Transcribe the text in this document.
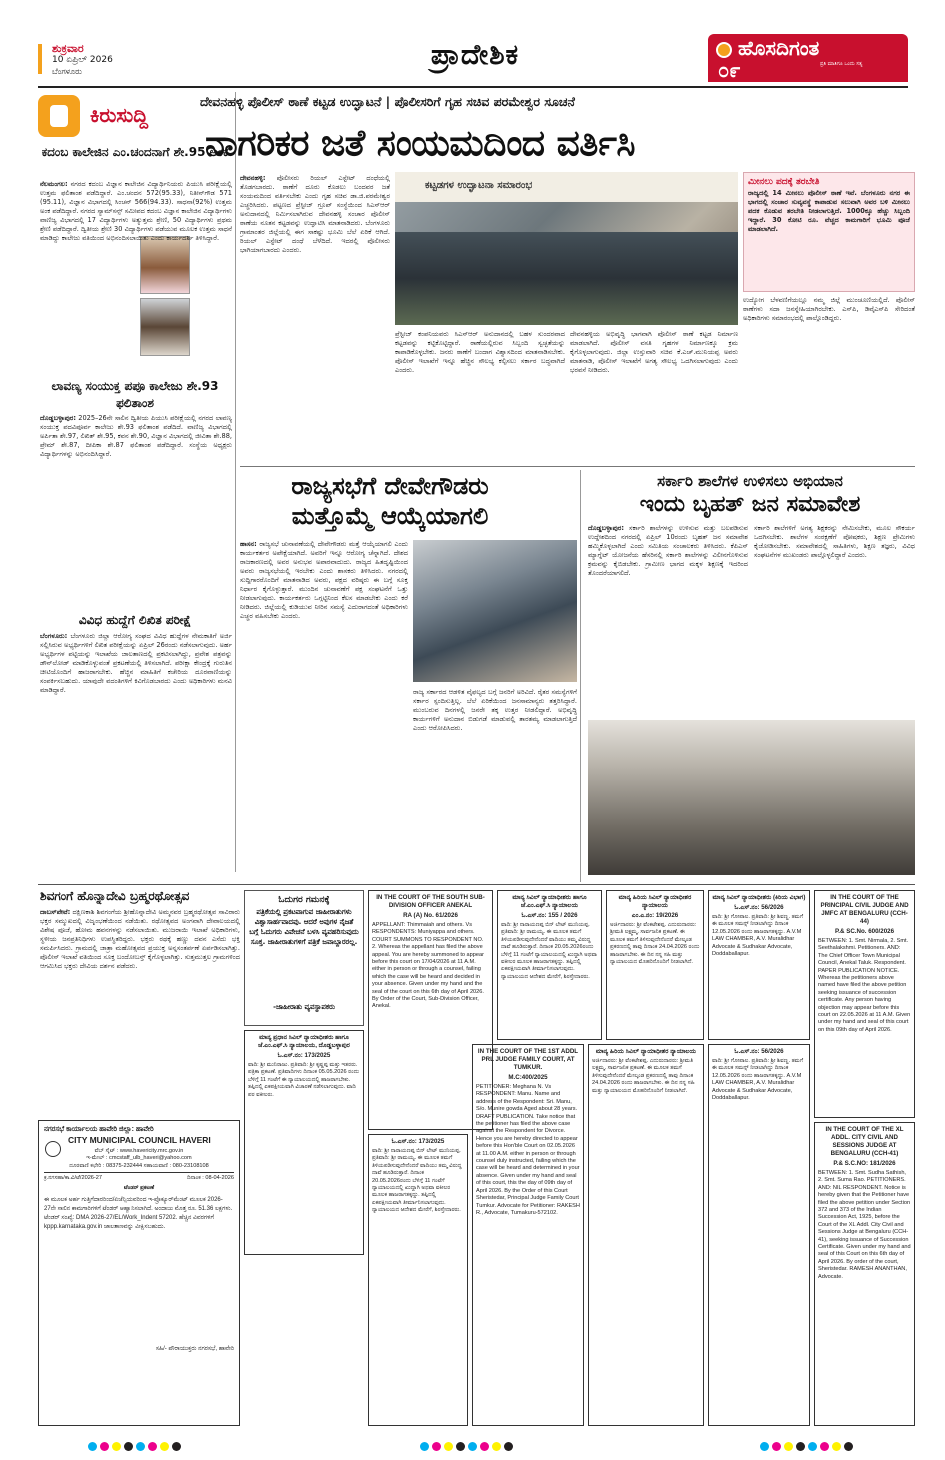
ಶುಕ್ರವಾರ
10 ಏಪ್ರಿಲ್ 2026
ಬೆಂಗಳೂರು
ಪ್ರಾದೇಶಿಕ	ಹೊಸದಿಗಂತ
ಪ್ರತಿ ಮಾತಿಗೂ ಒಂದು ಸತ್ಯ
೦೯
ಕಿರುಸುದ್ದಿ
ಕದಂಬ ಕಾಲೇಜಿನ ಎಂ.ಚಂದನಾಗೆ ಶೇ.95 ಅಂಕ
ನೆಲಮಂಗಲ: ನಗರದ ಕದಂಬ ವಿಜ್ಞಾನ ಕಾಲೇಜಿನ ವಿದ್ಯಾರ್ಥಿನಿಯರು ಪಿಯುಸಿ ಪರೀಕ್ಷೆಯಲ್ಲಿ ಉತ್ತಮ ಫಲಿತಾಂಶ ಪಡೆದಿದ್ದಾರೆ. ಎಂ.ಚಂದನ 572(95.33), ನಿತೀನ್‌ಗೌಡ 571 (95.11), ವಿಜ್ಞಾನ ವಿಭಾಗದಲ್ಲಿ ಸಿಂಚನ್ 566(94.33). ಸಾಧನಾ(92%) ಉತ್ತಮ ಅಂಕ ಪಡೆದಿದ್ದಾರೆ. ನಗರದ ಸ್ಯಾಮ್‌ಸನ್ಸ್ ಸಮೀಪದ ಕದಂಬ ವಿಜ್ಞಾನ ಕಾಲೇಜಿನ ವಿದ್ಯಾರ್ಥಿಗಳು ವಾಣಿಜ್ಯ ವಿಭಾಗದಲ್ಲಿ 17 ವಿದ್ಯಾರ್ಥಿಗಳು ಅತ್ಯುತ್ತಮ ಶ್ರೇಣಿ, 50 ವಿದ್ಯಾರ್ಥಿಗಳು ಪ್ರಥಮ ಶ್ರೇಣಿ ಪಡೆದಿದ್ದಾರೆ. ದ್ವಿತೀಯ ಶ್ರೇಣಿ 30 ವಿದ್ಯಾರ್ಥಿಗಳು ಪಡೆಯುವ ಮೂಲಕ ಉತ್ತಮ ಸಾಧನೆ ಮಾಡಿದ್ದು ಕಾಲೇಜು ವತಿಯಿಂದ ಅಭಿನಂದಿಸಲಾಯಿತು ಎಂದು ಕಾರ್ಯದರ್ಶಿ ತಿಳಿಸಿದ್ದಾರೆ.
ಲಾವಣ್ಯ ಸಂಯುಕ್ತ ಪಪೂ ಕಾಲೇಜು ಶೇ.93 ಫಲಿತಾಂಶ
ದೊಡ್ಡಬಳ್ಳಾಪುರ: 2025–26ನೇ ಸಾಲಿನ ದ್ವಿತೀಯ ಪಿಯುಸಿ ಪರೀಕ್ಷೆಯಲ್ಲಿ ನಗರದ ಲಾವಣ್ಯ ಸಂಯುಕ್ತ ಪದವಿಪೂರ್ವ ಕಾಲೇಜು ಶೇ.93 ಫಲಿತಾಂಶ ಪಡೆದಿದೆ. ವಾಣಿಜ್ಯ ವಿಭಾಗದಲ್ಲಿ ಅರ್ಪಿತಾ ಶೇ.97, ಲಿಖಿತ್ ಶೇ.95, ಕವನ ಶೇ.90, ವಿಜ್ಞಾನ ವಿಭಾಗದಲ್ಲಿ ಜೀವಿತಾ ಶೇ.88, ಪ್ರೇಮ್ ಶೇ.87, ದೀಪಿಕಾ ಶೇ.87 ಫಲಿತಾಂಶ ಪಡೆದಿದ್ದಾರೆ. ಸಂಸ್ಥೆಯ ಅಧ್ಯಕ್ಷರು ವಿದ್ಯಾರ್ಥಿಗಳನ್ನು ಅಭಿನಂದಿಸಿದ್ದಾರೆ.
ವಿವಿಧ ಹುದ್ದೆಗೆ ಲಿಖಿತ ಪರೀಕ್ಷೆ
ಬೆಂಗಳೂರು: ಬೆಂಗಳೂರು ಜಿಲ್ಲಾ ಆರೋಗ್ಯ ಸಂಘದ ವಿವಿಧ ಹುದ್ದೆಗಳ ನೇಮಕಾತಿಗೆ ಅರ್ಜಿ ಸಲ್ಲಿಸಿರುವ ಅಭ್ಯರ್ಥಿಗಳಿಗೆ ಲಿಖಿತ ಪರೀಕ್ಷೆಯನ್ನು ಏಪ್ರಿಲ್ 26ರಂದು ನಡೆಸಲಾಗುವುದು. ಅರ್ಹ ಅಭ್ಯರ್ಥಿಗಳ ಪಟ್ಟಿಯನ್ನು ಇಲಾಖೆಯ ಜಾಲತಾಣದಲ್ಲಿ ಪ್ರಕಟಿಸಲಾಗಿದ್ದು, ಪ್ರವೇಶ ಪತ್ರವನ್ನು ಡೌನ್‌ಲೋಡ್ ಮಾಡಿಕೊಳ್ಳುವಂತೆ ಪ್ರಕಟಣೆಯಲ್ಲಿ ತಿಳಿಸಲಾಗಿದೆ. ಪರೀಕ್ಷಾ ಕೇಂದ್ರಕ್ಕೆ ಗುರುತಿನ ಚೀಟಿಯೊಂದಿಗೆ ಹಾಜರಾಗಬೇಕು. ಹೆಚ್ಚಿನ ಮಾಹಿತಿಗೆ ಕಚೇರಿಯ ದೂರವಾಣಿಯನ್ನು ಸಂಪರ್ಕಿಸಬಹುದು. ಯಾವುದೇ ವದಂತಿಗಳಿಗೆ ಕಿವಿಗೊಡಬಾರದು ಎಂದು ಅಧಿಕಾರಿಗಳು ಮನವಿ ಮಾಡಿದ್ದಾರೆ.
ದೇವನಹಳ್ಳಿ ಪೊಲೀಸ್ ಠಾಣೆ ಕಟ್ಟಡ ಉದ್ಘಾಟನೆ | ಪೊಲೀಸರಿಗೆ ಗೃಹ ಸಚಿವ ಪರಮೇಶ್ವರ ಸೂಚನೆ
ನಾಗರಿಕರ ಜತೆ ಸಂಯಮದಿಂದ ವರ್ತಿಸಿ
ಕಟ್ಟಡಗಳ ಉದ್ಘಾಟನಾ ಸಮಾರಂಭ
ದೇವನಹಳ್ಳಿ: ಪೊಲೀಸರು ರಿಯಲ್ ಎಸ್ಟೇಟ್ ದಂಧೆಯಲ್ಲಿ ತೊಡಗಬಾರದು. ಠಾಣೆಗೆ ದೂರು ಕೊಡಲು ಬಂದವರ ಜತೆ ಸಂಯಮದಿಂದ ವರ್ತಿಸಬೇಕು ಎಂದು ಗೃಹ ಸಚಿವ ಡಾ.ಜಿ.ಪರಮೇಶ್ವರ ಎಚ್ಚರಿಸಿದರು. ಪಟ್ಟಣದ ಪ್ರೆಸ್ಟೀಜ್ ಗ್ರೂಪ್ ಸಂಸ್ಥೆಯಿಂದ ಸಿಎಸ್‌ಆರ್ ಅನುದಾನದಲ್ಲಿ ನಿರ್ಮಿಸಲಾಗಿರುವ ದೇವನಹಳ್ಳಿ ಸಂಚಾರ ಪೊಲೀಸ್ ಠಾಣೆಯ ನೂತನ ಕಟ್ಟಡವನ್ನು ಉದ್ಘಾಟಿಸಿ ಮಾತನಾಡಿದರು. ಬೆಂಗಳೂರು ಗ್ರಾಮಾಂತರ ಜಿಲ್ಲೆಯಲ್ಲಿ ಈಗ ಸಾಕಷ್ಟು ಭೂಮಿ ಬೆಲೆ ಏರಿಕೆ ಆಗಿದೆ. ರಿಯಲ್ ಎಸ್ಟೇಟ್ ದಂಧೆ ಬೆಳೆದಿದೆ. ಇದರಲ್ಲಿ ಪೊಲೀಸರು ಭಾಗಿಯಾಗಬಾರದು ಎಂದರು.
ಪ್ರೆಸ್ಟೀಜ್ ಕಂಪನಿಯವರು ಸಿಎಸ್‌ಆರ್ ಅನುದಾನದಲ್ಲಿ ಬಹಳ ಸುಂದರವಾದ ಕಟ್ಟಡವನ್ನು ಕಟ್ಟಿಕೊಟ್ಟಿದ್ದಾರೆ. ಠಾಣೆಯಲ್ಲಿರುವ ಸಿಬ್ಬಂದಿ ಸ್ವಚ್ಛತೆಯನ್ನು ಕಾಪಾಡಿಕೊಳ್ಳಬೇಕು. ಜನರು ಠಾಣೆಗೆ ಬಂದಾಗ ವಿಶ್ವಾಸದಿಂದ ಮಾತನಾಡಿಸಬೇಕು. ಪೊಲೀಸ್ ಇಲಾಖೆಗೆ ಇನ್ನೂ ಹೆಚ್ಚಿನ ಸೌಲಭ್ಯ ಕಲ್ಪಿಸಲು ಸರ್ಕಾರ ಬದ್ಧವಾಗಿದೆ ಎಂದರು.
ದೇವನಹಳ್ಳಿಯ ಅಭಿವೃದ್ಧಿ ಭಾಗವಾಗಿ ಪೊಲೀಸ್ ಠಾಣೆ ಕಟ್ಟಡ ನಿರ್ಮಾಣ ಮಾಡಲಾಗಿದೆ. ಪೊಲೀಸ್ ವಸತಿ ಗೃಹಗಳ ನಿರ್ಮಾಣಕ್ಕೂ ಕ್ರಮ ಕೈಗೊಳ್ಳಲಾಗುವುದು. ಜಿಲ್ಲಾ ಉಸ್ತುವಾರಿ ಸಚಿವ ಕೆ.ಎಚ್.ಮುನಿಯಪ್ಪ ಅವರು ಮಾತನಾಡಿ, ಪೊಲೀಸ್ ಇಲಾಖೆಗೆ ಅಗತ್ಯ ಸೌಲಭ್ಯ ಒದಗಿಸಲಾಗುವುದು ಎಂದು ಭರವಸೆ ನೀಡಿದರು.
ಮೀನಲು ಪದಕ್ಕೆ ತರಬೇತಿ
ರಾಜ್ಯದಲ್ಲಿ 14 ಮೀನಲು ಪೊಲೀಸ್ ಠಾಣೆ ಇವೆ. ಬೆಂಗಳೂರು ನಗರ ಈ ಭಾಗದಲ್ಲಿ ಸಂಚಾರ ಸುವ್ಯವಸ್ಥೆ ಕಾಪಾಡುವ ಸಲುವಾಗಿ ಅವರ ಬಳಿ ಮೀನಲು ಪದಕ ಕೊಡುವ ತರಬೇತಿ ನೀಡಲಾಗುತ್ತಿದೆ. 1000ಕ್ಕೂ ಹೆಚ್ಚು ಸಿಬ್ಬಂದಿ ಇದ್ದಾರೆ. 30 ಕೋಟಿ ರೂ. ವೆಚ್ಚದ ಕಾಮಗಾರಿಗೆ ಭೂಮಿ ಪೂಜೆ ಮಾಡಲಾಗಿದೆ.
ಉದ್ಯೋಗ ಬೆಳವಣಿಗೆಯಲ್ಲೂ ನಮ್ಮ ಜಿಲ್ಲೆ ಮುಂಚೂಣಿಯಲ್ಲಿದೆ. ಪೊಲೀಸ್ ಠಾಣೆಗಳು ಸದಾ ಜನಸ್ನೇಹಿಯಾಗಿರಬೇಕು. ಎಸ್‌ಪಿ, ಡಿವೈಎಸ್‌ಪಿ ಸೇರಿದಂತೆ ಅಧಿಕಾರಿಗಳು ಸಮಾರಂಭದಲ್ಲಿ ಪಾಲ್ಗೊಂಡಿದ್ದರು.
ರಾಜ್ಯಸಭೆಗೆ ದೇವೇಗೌಡರು
ಮತ್ತೊಮ್ಮೆ ಆಯ್ಕೆಯಾಗಲಿ
ಹಾಸನ: ರಾಜ್ಯಸಭೆ ಚುನಾವಣೆಯಲ್ಲಿ ದೇವೇಗೌಡರು ಮತ್ತೆ ಆಯ್ಕೆಯಾಗಲಿ ಎಂದು ಕಾರ್ಯಕರ್ತರ ಅಪೇಕ್ಷೆಯಾಗಿದೆ. ಅವರಿಗೆ ಇನ್ನೂ ಆರೋಗ್ಯ ಚೆನ್ನಾಗಿದೆ. ದೇಶದ ರಾಜಕಾರಣದಲ್ಲಿ ಅವರ ಅನುಭವ ಅಪಾರವಾದುದು. ರಾಜ್ಯದ ಹಿತದೃಷ್ಟಿಯಿಂದ ಅವರು ರಾಜ್ಯಸಭೆಯಲ್ಲಿ ಇರಬೇಕು ಎಂದು ಶಾಸಕರು ತಿಳಿಸಿದರು. ನಗರದಲ್ಲಿ ಸುದ್ದಿಗಾರರೊಂದಿಗೆ ಮಾತನಾಡಿದ ಅವರು, ಪಕ್ಷದ ವರಿಷ್ಠರು ಈ ಬಗ್ಗೆ ಸೂಕ್ತ ನಿರ್ಧಾರ ಕೈಗೊಳ್ಳುತ್ತಾರೆ. ಮುಂದಿನ ಚುನಾವಣೆಗೆ ಪಕ್ಷ ಸಂಘಟನೆಗೆ ಒತ್ತು ನೀಡಲಾಗುವುದು. ಕಾರ್ಯಕರ್ತರು ಒಗ್ಗಟ್ಟಿನಿಂದ ಕೆಲಸ ಮಾಡಬೇಕು ಎಂದು ಕರೆ ನೀಡಿದರು. ಜಿಲ್ಲೆಯಲ್ಲಿ ಕುಡಿಯುವ ನೀರಿನ ಸಮಸ್ಯೆ ಎದುರಾಗದಂತೆ ಅಧಿಕಾರಿಗಳು ಎಚ್ಚರ ವಹಿಸಬೇಕು ಎಂದರು.
ರಾಜ್ಯ ಸರ್ಕಾರದ ಆಡಳಿತ ವೈಫಲ್ಯದ ಬಗ್ಗೆ ಜನರಿಗೆ ಅರಿವಿದೆ. ರೈತರ ಸಮಸ್ಯೆಗಳಿಗೆ ಸರ್ಕಾರ ಸ್ಪಂದಿಸುತ್ತಿಲ್ಲ. ಬೆಲೆ ಏರಿಕೆಯಿಂದ ಜನಸಾಮಾನ್ಯರು ತತ್ತರಿಸಿದ್ದಾರೆ. ಮುಂಬರುವ ದಿನಗಳಲ್ಲಿ ಜನರೇ ತಕ್ಕ ಉತ್ತರ ನೀಡಲಿದ್ದಾರೆ. ಅಭಿವೃದ್ಧಿ ಕಾರ್ಯಗಳಿಗೆ ಅನುದಾನ ಬಿಡುಗಡೆ ಮಾಡುವಲ್ಲಿ ತಾರತಮ್ಯ ಮಾಡಲಾಗುತ್ತಿದೆ ಎಂದು ಆರೋಪಿಸಿದರು.
ಸರ್ಕಾರಿ ಶಾಲೆಗಳ ಉಳಿಸಲು ಅಭಿಯಾನ
ಇಂದು ಬೃಹತ್ ಜನ ಸಮಾವೇಶ
ದೊಡ್ಡಬಳ್ಳಾಪುರ: ಸರ್ಕಾರಿ ಶಾಲೆಗಳನ್ನು ಉಳಿಸುವ ಮತ್ತು ಬಲಪಡಿಸುವ ಉದ್ದೇಶದಿಂದ ನಗರದಲ್ಲಿ ಏಪ್ರಿಲ್ 10ರಂದು ಬೃಹತ್ ಜನ ಸಮಾವೇಶ ಹಮ್ಮಿಕೊಳ್ಳಲಾಗಿದೆ ಎಂದು ಸಮಿತಿಯ ಸಂಚಾಲಕರು ತಿಳಿಸಿದರು. ಕೆಪಿಎಸ್ ಮ್ಯಾಗ್ನೆಟ್ ಯೋಜನೆಯ ಹೆಸರಿನಲ್ಲಿ ಸರ್ಕಾರಿ ಶಾಲೆಗಳನ್ನು ವಿಲೀನಗೊಳಿಸುವ ಕ್ರಮವನ್ನು ಕೈಬಿಡಬೇಕು. ಗ್ರಾಮೀಣ ಭಾಗದ ಮಕ್ಕಳ ಶಿಕ್ಷಣಕ್ಕೆ ಇದರಿಂದ ತೊಂದರೆಯಾಗಲಿದೆ.
ಸರ್ಕಾರಿ ಶಾಲೆಗಳಿಗೆ ಅಗತ್ಯ ಶಿಕ್ಷಕರನ್ನು ನೇಮಿಸಬೇಕು, ಮೂಲ ಸೌಕರ್ಯ ಒದಗಿಸಬೇಕು. ಶಾಲೆಗಳ ಸಂರಕ್ಷಣೆಗೆ ಪೋಷಕರು, ಶಿಕ್ಷಣ ಪ್ರೇಮಿಗಳು ಕೈಜೋಡಿಸಬೇಕು. ಸಮಾವೇಶದಲ್ಲಿ ಸಾಹಿತಿಗಳು, ಶಿಕ್ಷಣ ತಜ್ಞರು, ವಿವಿಧ ಸಂಘಟನೆಗಳ ಮುಖಂಡರು ಪಾಲ್ಗೊಳ್ಳಲಿದ್ದಾರೆ ಎಂದರು.
ಶಿವಗಂಗೆ ಹೊನ್ನಾದೇವಿ ಬ್ರಹ್ಮರಥೋತ್ಸವ
ದಾಬಸ್‌ಪೇಟೆ: ದಕ್ಷಿಣಕಾಶಿ ಶಿವಗಂಗೆಯ ಶ್ರೀಹೊನ್ನಾದೇವಿ ಅಮ್ಮನವರ ಬ್ರಹ್ಮರಥೋತ್ಸವ ಸಾವಿರಾರು ಭಕ್ತರ ಸಮ್ಮುಖದಲ್ಲಿ ವಿಜೃಂಭಣೆಯಿಂದ ನಡೆಯಿತು. ರಥೋತ್ಸವದ ಅಂಗವಾಗಿ ದೇವಾಲಯದಲ್ಲಿ ವಿಶೇಷ ಪೂಜೆ, ಹೋಮ ಹವನಗಳನ್ನು ನಡೆಸಲಾಯಿತು. ಮುಜರಾಯಿ ಇಲಾಖೆ ಅಧಿಕಾರಿಗಳು, ಸ್ಥಳೀಯ ಜನಪ್ರತಿನಿಧಿಗಳು ಉಪಸ್ಥಿತರಿದ್ದರು. ಭಕ್ತರು ರಥಕ್ಕೆ ಹಣ್ಣು ದವನ ಎಸೆದು ಭಕ್ತಿ ಸಮರ್ಪಿಸಿದರು. ಗ್ರಾಮದಲ್ಲಿ ಜಾತ್ರಾ ಮಹೋತ್ಸವದ ಪ್ರಯುಕ್ತ ಅನ್ನಸಂತರ್ಪಣೆ ಏರ್ಪಡಿಸಲಾಗಿತ್ತು. ಪೊಲೀಸ್ ಇಲಾಖೆ ವತಿಯಿಂದ ಸೂಕ್ತ ಬಂದೋಬಸ್ತ್ ಕೈಗೊಳ್ಳಲಾಗಿತ್ತು. ಸುತ್ತಮುತ್ತಲ ಗ್ರಾಮಗಳಿಂದ ಆಗಮಿಸಿದ ಭಕ್ತರು ದೇವಿಯ ದರ್ಶನ ಪಡೆದರು.
ಓದುಗರ ಗಮನಕ್ಕೆ
ಪತ್ರಿಕೆಯಲ್ಲಿ ಪ್ರಕಟವಾಗುವ ಜಾಹೀರಾತುಗಳು ವಿಶ್ವಾಸಾರ್ಹವಾದವು. ಆದರೆ ಅವುಗಳ ನೈಜತೆ ಬಗ್ಗೆ ಓದುಗರು ವಿವೇಚನೆ ಬಳಸಿ ವ್ಯವಹರಿಸುವುದು ಸೂಕ್ತ. ಜಾಹೀರಾತುಗಳಿಗೆ ಪತ್ರಿಕೆ ಜವಾಬ್ದಾರರಲ್ಲ.
-ಜಾಹೀರಾತು ವ್ಯವಸ್ಥಾಪಕರು
IN THE COURT OF THE SOUTH SUB-DIVISION OFFICER ANEKAL
RA (A) No. 61/2026
APPELLANT: Thimmaiah and others. Vs RESPONDENTS: Muniyappa and others. COURT SUMMONS TO RESPONDENT NO. 2. Whereas the appellant has filed the above appeal. You are hereby summoned to appear before this court on 17/04/2026 at 11 A.M. either in person or through a counsel, failing which the case will be heard and decided in your absence. Given under my hand and the seal of the court on this 6th day of April 2026. By Order of the Court, Sub-Division Officer, Anekal.
ಮಾನ್ಯ ಸಿವಿಲ್ ನ್ಯಾಯಾಧೀಶರು ಹಾಗೂ ಜೆ.ಎಂ.ಎಫ್.ಸಿ ನ್ಯಾಯಾಲಯ
ಓ.ಎಸ್.ನಂ: 155 / 2026
ವಾದಿ: ಶ್ರೀ ನಾರಾಯಣಪ್ಪ ಬಿನ್ ಲೇಟ್ ಮುನಿಯಪ್ಪ. ಪ್ರತಿವಾದಿ: ಶ್ರೀ ರಾಮಯ್ಯ. ಈ ಮೂಲಕ ತಮಗೆ ತಿಳಿಯಪಡಿಸುವುದೇನೆಂದರೆ ವಾದಿಯು ತಮ್ಮ ವಿರುದ್ಧ ದಾವೆ ಹೂಡಿರುತ್ತಾರೆ. ದಿನಾಂಕ 20.05.2026ರಂದು ಬೆಳಿಗ್ಗೆ 11 ಗಂಟೆಗೆ ನ್ಯಾಯಾಲಯದಲ್ಲಿ ಖುದ್ದಾಗಿ ಅಥವಾ ವಕೀಲರ ಮೂಲಕ ಹಾಜರಾಗತಕ್ಕದ್ದು. ತಪ್ಪಿದಲ್ಲಿ ಏಕಪಕ್ಷೀಯವಾಗಿ ತೀರ್ಮಾನಿಸಲಾಗುವುದು. ನ್ಯಾಯಾಲಯದ ಆದೇಶದ ಮೇರೆಗೆ, ಶಿರಸ್ತೇದಾರರು.
ಮಾನ್ಯ ಹಿರಿಯ ಸಿವಿಲ್ ನ್ಯಾಯಾಧೀಶರ ನ್ಯಾಯಾಲಯ
ಎಂ.ಎ.ನಂ: 19/2026
ಅರ್ಜಿದಾರರು: ಶ್ರೀ ವೆಂಕಟೇಶಪ್ಪ. ಎದುರುದಾರರು: ಶ್ರೀಮತಿ ಲಕ್ಷ್ಮಮ್ಮ. ಸಾರ್ವಜನಿಕ ಪ್ರಕಟಣೆ. ಈ ಮೂಲಕ ತಮಗೆ ತಿಳಿಸುವುದೇನೆಂದರೆ ಮೇಲ್ಕಂಡ ಪ್ರಕರಣದಲ್ಲಿ ತಾವು ದಿನಾಂಕ 24.04.2026 ರಂದು ಹಾಜರಾಗಬೇಕು. ಈ ದಿನ ನನ್ನ ಸಹಿ ಮತ್ತು ನ್ಯಾಯಾಲಯದ ಮೊಹರಿನೊಂದಿಗೆ ನೀಡಲಾಗಿದೆ.
ಮಾನ್ಯ ಸಿವಿಲ್ ನ್ಯಾಯಾಧೀಶರು (ಕಿರಿಯ ವಿಭಾಗ)
ಓ.ಎಸ್.ನಂ: 56/2026
ವಾದಿ: ಶ್ರೀ ಗೋಪಾಲ. ಪ್ರತಿವಾದಿ: ಶ್ರೀ ಶಿವಣ್ಣ. ತಮಗೆ ಈ ಮೂಲಕ ಸಮನ್ಸ್ ನೀಡಲಾಗಿದ್ದು ದಿನಾಂಕ 12.05.2026 ರಂದು ಹಾಜರಾಗತಕ್ಕದ್ದು. A.V.M LAW CHAMBER, A.V. Muralidhar Advocate & Sudhakar Advocate, Doddaballapur.
IN THE COURT OF THE PRINCIPAL CIVIL JUDGE AND JMFC AT BENGALURU (CCH-44)
P.& SC.No. 600/2026
BETWEEN: 1. Smt. Nirmala, 2. Smt. Seethalakshmi. Petitioners. AND: The Chief Officer Town Municipal Council, Anekal Taluk. Respondent. PAPER PUBLICATION NOTICE. Whereas the petitioners above named have filed the above petition seeking issuance of succession certificate. Any person having objection may appear before this court on 22.05.2026 at 11 A.M. Given under my hand and seal of this court on this 09th day of April 2026.
ಮಾನ್ಯ ಪ್ರಧಾನ ಸಿವಿಲ್ ನ್ಯಾಯಾಧೀಶರು ಹಾಗೂ ಜೆ.ಎಂ.ಎಫ್.ಸಿ ನ್ಯಾಯಾಲಯ, ದೊಡ್ಡಬಳ್ಳಾಪುರ
ಓ.ಎಸ್.ನಂ: 173/2025
ವಾದಿ: ಶ್ರೀ ಮುನಿರಾಜು. ಪ್ರತಿವಾದಿ: ಶ್ರೀ ಕೃಷ್ಣಪ್ಪ ಮತ್ತು ಇತರರು. ಪತ್ರಿಕಾ ಪ್ರಕಟಣೆ. ಪ್ರತಿವಾದಿಗಳು ದಿನಾಂಕ 05.05.2026 ರಂದು ಬೆಳಿಗ್ಗೆ 11 ಗಂಟೆಗೆ ಈ ನ್ಯಾಯಾಲಯದಲ್ಲಿ ಹಾಜರಾಗಬೇಕು. ತಪ್ಪಿದಲ್ಲಿ ಏಕಪಕ್ಷೀಯವಾಗಿ ವಿಚಾರಣೆ ನಡೆಸಲಾಗುವುದು. ವಾದಿ ಪರ ವಕೀಲರು.
ಓ.ಎಸ್.ನಂ: 173/2025
ವಾದಿ: ಶ್ರೀ ನಾರಾಯಣಪ್ಪ ಬಿನ್ ಲೇಟ್ ಮುನಿಯಪ್ಪ. ಪ್ರತಿವಾದಿ: ಶ್ರೀ ರಾಮಯ್ಯ. ಈ ಮೂಲಕ ತಮಗೆ ತಿಳಿಯಪಡಿಸುವುದೇನೆಂದರೆ ವಾದಿಯು ತಮ್ಮ ವಿರುದ್ಧ ದಾವೆ ಹೂಡಿರುತ್ತಾರೆ. ದಿನಾಂಕ 20.05.2026ರಂದು ಬೆಳಿಗ್ಗೆ 11 ಗಂಟೆಗೆ ನ್ಯಾಯಾಲಯದಲ್ಲಿ ಖುದ್ದಾಗಿ ಅಥವಾ ವಕೀಲರ ಮೂಲಕ ಹಾಜರಾಗತಕ್ಕದ್ದು. ತಪ್ಪಿದಲ್ಲಿ ಏಕಪಕ್ಷೀಯವಾಗಿ ತೀರ್ಮಾನಿಸಲಾಗುವುದು. ನ್ಯಾಯಾಲಯದ ಆದೇಶದ ಮೇರೆಗೆ, ಶಿರಸ್ತೇದಾರರು.
IN THE COURT OF THE 1ST ADDL PRL JUDGE FAMILY COURT, AT TUMKUR.
M.C:400/2025
PETITIONER: Meghana N. Vs RESPONDENT: Manu. Name and address of the Respondent: Sri. Manu, S/o. Munire gowda Aged about 28 years. DRAFT PUBLICATION. Take notice that the petitioner has filed the above case against the Respondent for Divorce. Hence you are hereby directed to appear before this Hon'ble Court on 02.05.2026 at 11.00 A.M. either in person or through counsel duly instructed, failing which the case will be heard and determined in your absence. Given under my hand and seal of this court, this the day of 09th day of April 2026. By the Order of this Court Sheristedar, Principal Judge Family Court Tumkur. Advocate for Petitioner: RAKESH R., Advocate, Tumakuru-572102.
ಮಾನ್ಯ ಹಿರಿಯ ಸಿವಿಲ್ ನ್ಯಾಯಾಧೀಶರ ನ್ಯಾಯಾಲಯ
ಅರ್ಜಿದಾರರು: ಶ್ರೀ ವೆಂಕಟೇಶಪ್ಪ. ಎದುರುದಾರರು: ಶ್ರೀಮತಿ ಲಕ್ಷ್ಮಮ್ಮ. ಸಾರ್ವಜನಿಕ ಪ್ರಕಟಣೆ. ಈ ಮೂಲಕ ತಮಗೆ ತಿಳಿಸುವುದೇನೆಂದರೆ ಮೇಲ್ಕಂಡ ಪ್ರಕರಣದಲ್ಲಿ ತಾವು ದಿನಾಂಕ 24.04.2026 ರಂದು ಹಾಜರಾಗಬೇಕು. ಈ ದಿನ ನನ್ನ ಸಹಿ ಮತ್ತು ನ್ಯಾಯಾಲಯದ ಮೊಹರಿನೊಂದಿಗೆ ನೀಡಲಾಗಿದೆ.
ಓ.ಎಸ್.ನಂ: 56/2026
ವಾದಿ: ಶ್ರೀ ಗೋಪಾಲ. ಪ್ರತಿವಾದಿ: ಶ್ರೀ ಶಿವಣ್ಣ. ತಮಗೆ ಈ ಮೂಲಕ ಸಮನ್ಸ್ ನೀಡಲಾಗಿದ್ದು ದಿನಾಂಕ 12.05.2026 ರಂದು ಹಾಜರಾಗತಕ್ಕದ್ದು. A.V.M LAW CHAMBER, A.V. Muralidhar Advocate & Sudhakar Advocate, Doddaballapur.
IN THE COURT OF THE XL ADDL. CITY CIVIL AND SESSIONS JUDGE AT BENGALURU (CCH-41)
P.& S.C.NO: 181/2026
BETWEEN: 1. Smt. Sudha Sathish, 2. Smt. Suma Rao. PETITIONERS. AND: NIL RESPONDENT. Notice is hereby given that the Petitioner have filed the above petition under Section 372 and 373 of the Indian Succession Act, 1925, before the Court of the XL Addl. City Civil and Sessions Judge at Bengaluru (CCH-41), seeking issuance of Succession Certificate. Given under my hand and seal of this Court on this 6th day of April 2026. By order of the court, Sheristedar. RAMESH ANANTHAN, Advocate.
ನಗರಸಭೆ ಕಾರ್ಯಾಲಯ ಹಾವೇರಿ ಜಿಲ್ಲಾ: ಹಾವೇರಿ
CITY MUNICIPAL COUNCIL HAVERI
ವೆಬ್ ಸೈಟ್ : www.havericity.mrc.gov.in
ಇ-ಮೇಲ್ : cmcstaff_ulb_haveri@yahoo.com
ದೂರವಾಣಿ ಕಛೇರಿ : 08375-232444 ಸಹಾಯವಾಣಿ : 080-23108108
ಕ್ರ.ನಗಸಹಾ/ಕಾ.ವಿ/ಟೆ/2026-27	ದಿನಾಂಕ : 08-04-2026
ಟೆಂಡರ್ ಪ್ರಕಟಣೆ
ಈ ಮೂಲಕ ಅರ್ಹ ಗುತ್ತಿಗೆದಾರರಿಂದ/ಏಜೆನ್ಸಿಯವರಿಂದ ಇ-ಪ್ರೊಕ್ಯೂರ್‌ಮೆಂಟ್ ಮೂಲಕ 2026-27ನೇ ಸಾಲಿನ ಕಾಮಗಾರಿಗಳಿಗೆ ಟೆಂಡರ್ ಆಹ್ವಾನಿಸಲಾಗಿದೆ. ಅಂದಾಜು ಮೊತ್ತ ರೂ. 51.36 ಲಕ್ಷಗಳು. ಟೆಂಡರ್ ಸಂಖ್ಯೆ: DMA 2026-27/EL/Work_Indent 57202. ಹೆಚ್ಚಿನ ವಿವರಗಳಿಗೆ kppp.karnataka.gov.in ಜಾಲತಾಣವನ್ನು ವೀಕ್ಷಿಸಬಹುದು.
ಸಹಿ/- ಪೌರಾಯುಕ್ತರು ನಗರಸಭೆ, ಹಾವೇರಿ
